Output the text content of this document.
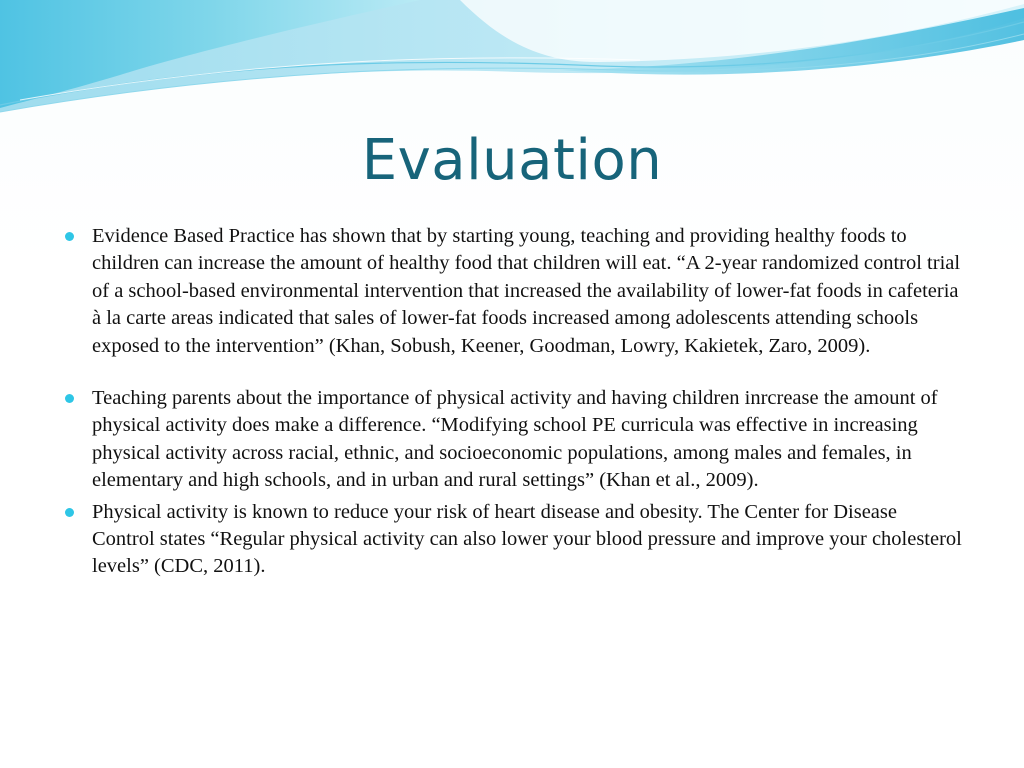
Evaluation
Evidence Based Practice has shown that by starting young, teaching and providing healthy foods to children can increase the amount of healthy food that children will eat. “A 2-year randomized control trial of a school-based environmental intervention that increased the availability of lower-fat foods in cafeteria à la carte areas indicated that sales of lower-fat foods increased among adolescents attending schools exposed to the intervention” (Khan, Sobush, Keener, Goodman, Lowry, Kakietek, Zaro, 2009).
Teaching parents about the importance of physical activity and having children inrcrease the amount of physical activity does make a difference. “Modifying school PE curricula was effective in increasing physical activity across racial, ethnic, and socioeconomic populations, among males and females, in elementary and high schools, and in urban and rural settings” (Khan et al., 2009).
Physical activity is known to reduce your risk of heart disease and obesity. The Center for Disease Control states “Regular physical activity can also lower your blood pressure and improve your cholesterol levels” (CDC, 2011).
